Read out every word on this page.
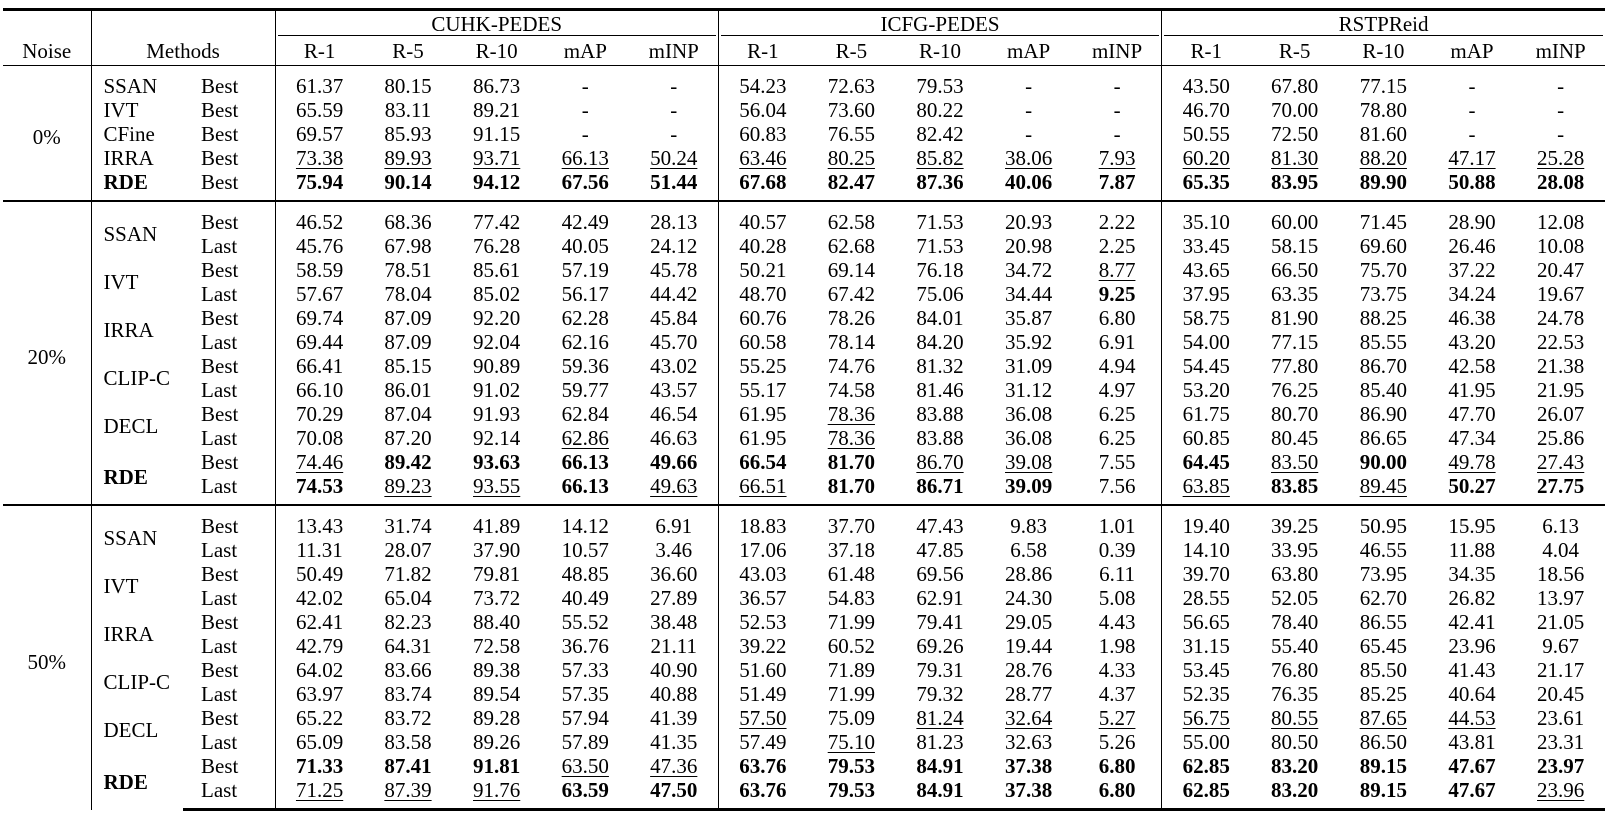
			CUHK-PEDES					ICFG-PEDES					RSTPReid				

Noise	Methods		R-1	R-5	R-10	mAP	mINP	R-1	R-5	R-10	mAP	mINP	R-1	R-5	R-10	mAP	mINP
0%	SSAN	Best	61.37	80.15	86.73	-	-	54.23	72.63	79.53	-	-	43.50	67.80	77.15	-	-
	IVT	Best	65.59	83.11	89.21	-	-	56.04	73.60	80.22	-	-	46.70	70.00	78.80	-	-
	CFine	Best	69.57	85.93	91.15	-	-	60.83	76.55	82.42	-	-	50.55	72.50	81.60	-	-
	IRRA	Best	73.38	89.93	93.71	66.13	50.24	63.46	80.25	85.82	38.06	7.93	60.20	81.30	88.20	47.17	25.28
	RDE	Best	75.94	90.14	94.12	67.56	51.44	67.68	82.47	87.36	40.06	7.87	65.35	83.95	89.90	50.88	28.08
20%	SSAN	Best	46.52	68.36	77.42	42.49	28.13	40.57	62.58	71.53	20.93	2.22	35.10	60.00	71.45	28.90	12.08
		Last	45.76	67.98	76.28	40.05	24.12	40.28	62.68	71.53	20.98	2.25	33.45	58.15	69.60	26.46	10.08
	IVT	Best	58.59	78.51	85.61	57.19	45.78	50.21	69.14	76.18	34.72	8.77	43.65	66.50	75.70	37.22	20.47
		Last	57.67	78.04	85.02	56.17	44.42	48.70	67.42	75.06	34.44	9.25	37.95	63.35	73.75	34.24	19.67
	IRRA	Best	69.74	87.09	92.20	62.28	45.84	60.76	78.26	84.01	35.87	6.80	58.75	81.90	88.25	46.38	24.78
		Last	69.44	87.09	92.04	62.16	45.70	60.58	78.14	84.20	35.92	6.91	54.00	77.15	85.55	43.20	22.53
	CLIP-C	Best	66.41	85.15	90.89	59.36	43.02	55.25	74.76	81.32	31.09	4.94	54.45	77.80	86.70	42.58	21.38
		Last	66.10	86.01	91.02	59.77	43.57	55.17	74.58	81.46	31.12	4.97	53.20	76.25	85.40	41.95	21.95
	DECL	Best	70.29	87.04	91.93	62.84	46.54	61.95	78.36	83.88	36.08	6.25	61.75	80.70	86.90	47.70	26.07
		Last	70.08	87.20	92.14	62.86	46.63	61.95	78.36	83.88	36.08	6.25	60.85	80.45	86.65	47.34	25.86
	RDE	Best	74.46	89.42	93.63	66.13	49.66	66.54	81.70	86.70	39.08	7.55	64.45	83.50	90.00	49.78	27.43
		Last	74.53	89.23	93.55	66.13	49.63	66.51	81.70	86.71	39.09	7.56	63.85	83.85	89.45	50.27	27.75
50%	SSAN	Best	13.43	31.74	41.89	14.12	6.91	18.83	37.70	47.43	9.83	1.01	19.40	39.25	50.95	15.95	6.13
		Last	11.31	28.07	37.90	10.57	3.46	17.06	37.18	47.85	6.58	0.39	14.10	33.95	46.55	11.88	4.04
	IVT	Best	50.49	71.82	79.81	48.85	36.60	43.03	61.48	69.56	28.86	6.11	39.70	63.80	73.95	34.35	18.56
		Last	42.02	65.04	73.72	40.49	27.89	36.57	54.83	62.91	24.30	5.08	28.55	52.05	62.70	26.82	13.97
	IRRA	Best	62.41	82.23	88.40	55.52	38.48	52.53	71.99	79.41	29.05	4.43	56.65	78.40	86.55	42.41	21.05
		Last	42.79	64.31	72.58	36.76	21.11	39.22	60.52	69.26	19.44	1.98	31.15	55.40	65.45	23.96	9.67
	CLIP-C	Best	64.02	83.66	89.38	57.33	40.90	51.60	71.89	79.31	28.76	4.33	53.45	76.80	85.50	41.43	21.17
		Last	63.97	83.74	89.54	57.35	40.88	51.49	71.99	79.32	28.77	4.37	52.35	76.35	85.25	40.64	20.45
	DECL	Best	65.22	83.72	89.28	57.94	41.39	57.50	75.09	81.24	32.64	5.27	56.75	80.55	87.65	44.53	23.61
		Last	65.09	83.58	89.26	57.89	41.35	57.49	75.10	81.23	32.63	5.26	55.00	80.50	86.50	43.81	23.31
	RDE	Best	71.33	87.41	91.81	63.50	47.36	63.76	79.53	84.91	37.38	6.80	62.85	83.20	89.15	47.67	23.97
		Last	71.25	87.39	91.76	63.59	47.50	63.76	79.53	84.91	37.38	6.80	62.85	83.20	89.15	47.67	23.96
